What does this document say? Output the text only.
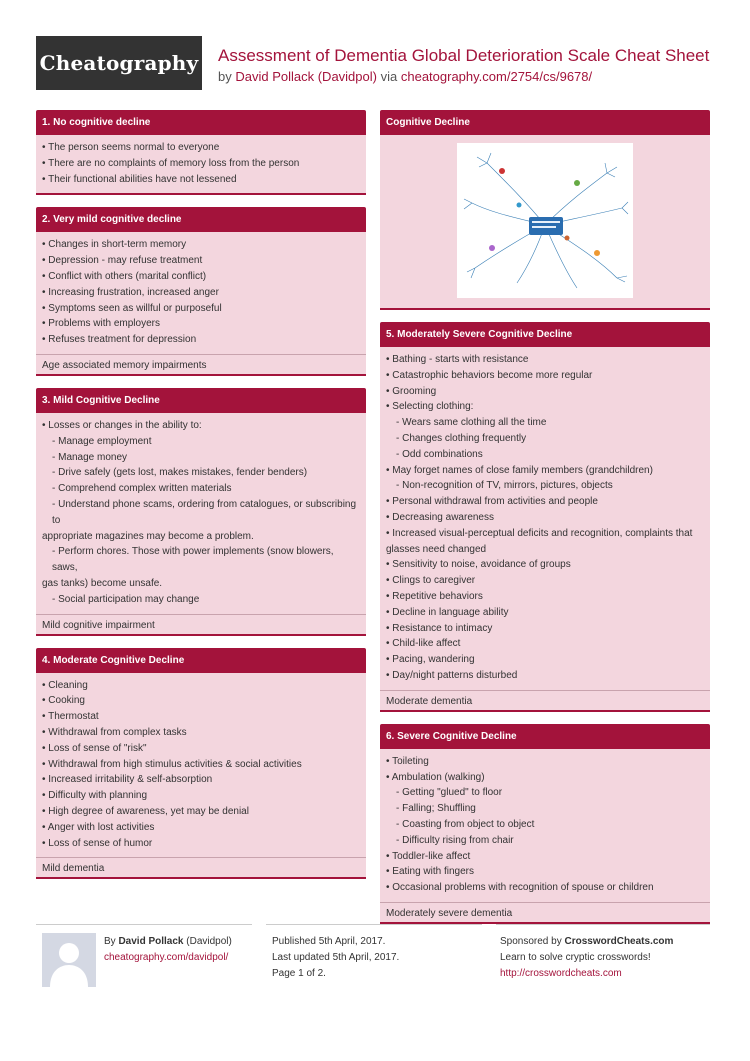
Cheatography Assessment of Dementia Global Deterioration Scale Cheat Sheet
by David Pollack (Davidpol) via cheatography.com/2754/cs/9678/
1. No cognitive decline
• The person seems normal to everyone
• There are no complaints of memory loss from the person
• Their functional abilities have not lessened
2. Very mild cognitive decline
• Changes in short-term memory
• Depression - may refuse treatment
• Conflict with others (marital conflict)
• Increasing frustration, increased anger
• Symptoms seen as willful or purposeful
• Problems with employers
• Refuses treatment for depression
Age associated memory impairments
3. Mild Cognitive Decline
• Losses or changes in the ability to:
- Manage employment
- Manage money
- Drive safely (gets lost, makes mistakes, fender benders)
- Comprehend complex written materials
- Understand phone scams, ordering from catalogues, or subscribing to
appropriate magazines may become a problem.
- Perform chores. Those with power implements (snow blowers, saws,
gas tanks) become unsafe.
- Social participation may change
Mild cognitive impairment
4. Moderate Cognitive Decline
• Cleaning
• Cooking
• Thermostat
• Withdrawal from complex tasks
• Loss of sense of "risk"
• Withdrawal from high stimulus activities & social activities
• Increased irritability & self-absorption
• Difficulty with planning
• High degree of awareness, yet may be denial
• Anger with lost activities
• Loss of sense of humor
Mild dementia
Cognitive Decline
5. Moderately Severe Cognitive Decline
• Bathing - starts with resistance
• Catastrophic behaviors become more regular
• Grooming
• Selecting clothing:
- Wears same clothing all the time
- Changes clothing frequently
- Odd combinations
• May forget names of close family members (grandchildren)
- Non-recognition of TV, mirrors, pictures, objects
• Personal withdrawal from activities and people
• Decreasing awareness
• Increased visual-perceptual deficits and recognition, complaints that
glasses need changed
• Sensitivity to noise, avoidance of groups
• Clings to caregiver
• Repetitive behaviors
• Decline in language ability
• Resistance to intimacy
• Child-like affect
• Pacing, wandering
• Day/night patterns disturbed
Moderate dementia
6. Severe Cognitive Decline
• Toileting
• Ambulation (walking)
- Getting "glued" to floor
- Falling; Shuffling
- Coasting from object to object
- Difficulty rising from chair
• Toddler-like affect
• Eating with fingers
• Occasional problems with recognition of spouse or children
Moderately severe dementia
By David Pollack (Davidpol)
cheatography.com/davidpol/
Published 5th April, 2017.
Last updated 5th April, 2017.
Page 1 of 2.
Sponsored by CrosswordCheats.com
Learn to solve cryptic crosswords!
http://crosswordcheats.com
